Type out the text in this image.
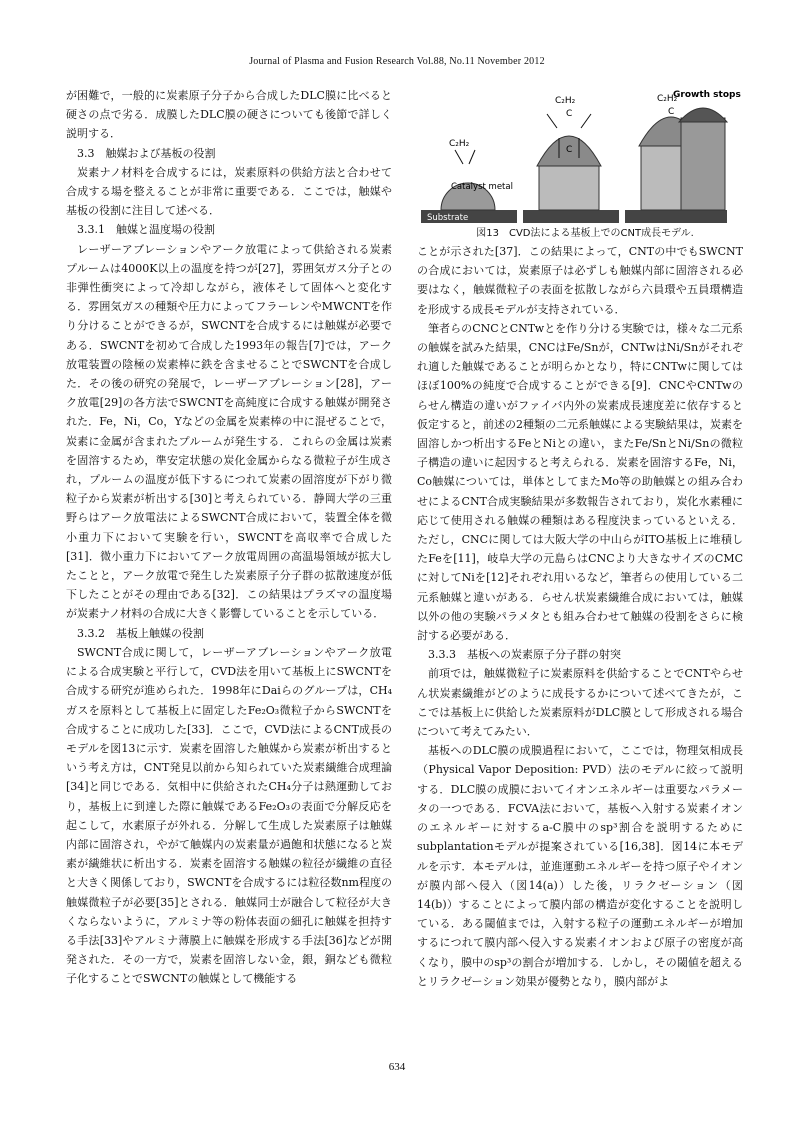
Journal of Plasma and Fusion Research Vol.88, No.11 November 2012

が困難で，一般的に炭素原子分子から合成したDLC膜に比べると硬さの点で劣る．成膜したDLC膜の硬さについても後節で詳しく説明する．

3.3　触媒および基板の役割

炭素ナノ材料を合成するには，炭素原料の供給方法と合わせて合成する場を整えることが非常に重要である．ここでは，触媒や基板の役割に注目して述べる．

3.3.1　触媒と温度場の役割

レーザーアブレーションやアーク放電によって供給される炭素プルームは4000K以上の温度を持つが[27]，雰囲気ガス分子との非弾性衝突によって冷却しながら，液体そして固体へと変化する．雰囲気ガスの種類や圧力によってフラーレンやMWCNTを作り分けることができるが，SWCNTを合成するには触媒が必要である．SWCNTを初めて合成した1993年の報告[7]では，アーク放電装置の陰極の炭素棒に鉄を含ませることでSWCNTを合成した．その後の研究の発展で，レーザーアブレーション[28]，アーク放電[29]の各方法でSWCNTを高純度に合成する触媒が開発された．Fe，Ni，Co，Yなどの金属を炭素棒の中に混ぜることで，炭素に金属が含まれたプルームが発生する．これらの金属は炭素を固溶するため，準安定状態の炭化金属からなる微粒子が生成され，プルームの温度が低下するにつれて炭素の固溶度が下がり微粒子から炭素が析出する[30]と考えられている．静岡大学の三重野らはアーク放電法によるSWCNT合成において，装置全体を微小重力下において実験を行い，SWCNTを高収率で合成した[31]．微小重力下においてアーク放電周囲の高温場領域が拡大したことと，アーク放電で発生した炭素原子分子群の拡散速度が低下したことがその理由である[32]．この結果はプラズマの温度場が炭素ナノ材料の合成に大きく影響していることを示している．

3.3.2　基板上触媒の役割

SWCNT合成に関して，レーザーアブレーションやアーク放電による合成実験と平行して，CVD法を用いて基板上にSWCNTを合成する研究が進められた．1998年にDaiらのグループは，CH₄ガスを原料として基板上に固定したFe₂O₃微粒子からSWCNTを合成することに成功した[33]．ここで，CVD法によるCNT成長のモデルを図13に示す．炭素を固溶した触媒から炭素が析出するという考え方は，CNT発見以前から知られていた炭素繊維合成理論[34]と同じである．気相中に供給されたCH₄分子は熱運動しており，基板上に到達した際に触媒であるFe₂O₃の表面で分解反応を起こして，水素原子が外れる．分解して生成した炭素原子は触媒内部に固溶され，やがて触媒内の炭素量が過飽和状態になると炭素が繊維状に析出する．炭素を固溶する触媒の粒径が繊維の直径と大きく関係しており，SWCNTを合成するには粒径数nm程度の触媒微粒子が必要[35]とされる．触媒同士が融合して粒径が大きくならないように，アルミナ等の粉体表面の細孔に触媒を担持する手法[33]やアルミナ薄膜上に触媒を形成する手法[36]などが開発された．その一方で，炭素を固溶しない金，銀，銅なども微粒子化することでSWCNTの触媒として機能する

Substrate
Catalyst metal
C₂H₂
C
C₂H₂
C
C₂H₂
C
Growth stops

図13　CVD法による基板上でのCNT成長モデル.

ことが示された[37]．この結果によって，CNTの中でもSWCNTの合成においては，炭素原子は必ずしも触媒内部に固溶される必要はなく，触媒微粒子の表面を拡散しながら六員環や五員環構造を形成する成長モデルが支持されている．

筆者らのCNCとCNTwとを作り分ける実験では，様々な二元系の触媒を試みた結果，CNCはFe/Snが，CNTwはNi/Snがそれぞれ適した触媒であることが明らかとなり，特にCNTwに関してはほぼ100%の純度で合成することができる[9]．CNCやCNTwのらせん構造の違いがファイバ内外の炭素成長速度差に依存すると仮定すると，前述の2種類の二元系触媒による実験結果は，炭素を固溶しかつ析出するFeとNiとの違い，またFe/SnとNi/Snの微粒子構造の違いに起因すると考えられる．炭素を固溶するFe，Ni，Co触媒については，単体としてまたMo等の助触媒との組み合わせによるCNT合成実験結果が多数報告されており，炭化水素種に応じて使用される触媒の種類はある程度決まっているといえる．ただし，CNCに関しては大阪大学の中山らがITO基板上に堆積したFeを[11]，岐阜大学の元島らはCNCより大きなサイズのCMCに対してNiを[12]それぞれ用いるなど，筆者らの使用している二元系触媒と違いがある．らせん状炭素繊維合成においては，触媒以外の他の実験パラメタとも組み合わせて触媒の役割をさらに検討する必要がある．

3.3.3　基板への炭素原子分子群の射突

前項では，触媒微粒子に炭素原料を供給することでCNTやらせん状炭素繊維がどのように成長するかについて述べてきたが，ここでは基板上に供給した炭素原料がDLC膜として形成される場合について考えてみたい．

基板へのDLC膜の成膜過程において，ここでは，物理気相成長（Physical Vapor Deposition: PVD）法のモデルに絞って説明する．DLC膜の成膜においてイオンエネルギーは重要なパラメータの一つである．FCVA法において，基板へ入射する炭素イオンのエネルギーに対するa-C膜中のsp³割合を説明するためにsubplantationモデルが提案されている[16,38]．図14に本モデルを示す．本モデルは，並進運動エネルギーを持つ原子やイオンが膜内部へ侵入（図14(a)）した後，リラクゼーション（図14(b)）することによって膜内部の構造が変化することを説明している．ある閾値までは，入射する粒子の運動エネルギーが増加するにつれて膜内部へ侵入する炭素イオンおよび原子の密度が高くなり，膜中のsp³の割合が増加する．しかし，その閾値を超えるとリラクゼーション効果が優勢となり，膜内部がよ

634
